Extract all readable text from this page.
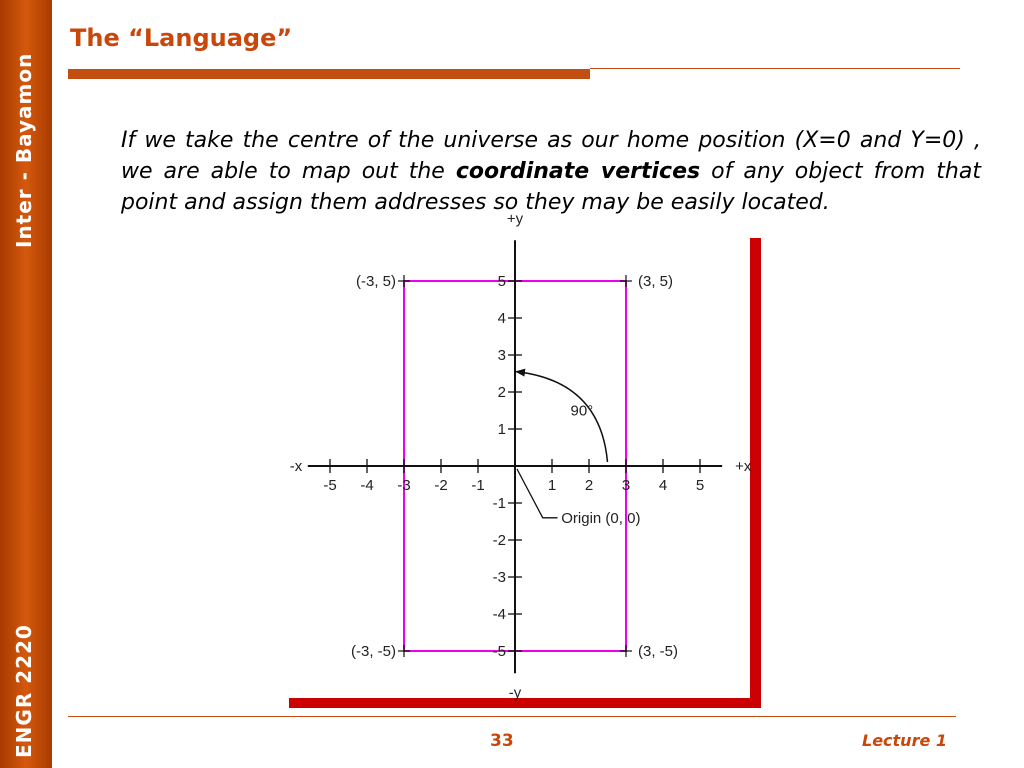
Inter - Bayamon
ENGR 2220
The “Language”

If we take the centre of the universe as our home position (X=0 and Y=0) , we are able to map out the coordinate vertices of any object from that point and assign them addresses so they may be easily located.

-5 -4 -3 -2 -1	1 2 3 4 5
-5
-4
-3
-2
-1
1
2
3
4
5
+x
-x
+y
-y
(-3, 5)	(3, 5)
(-3, -5)	(3, -5)
90°
Origin (0, 0)
33	Lecture 1
